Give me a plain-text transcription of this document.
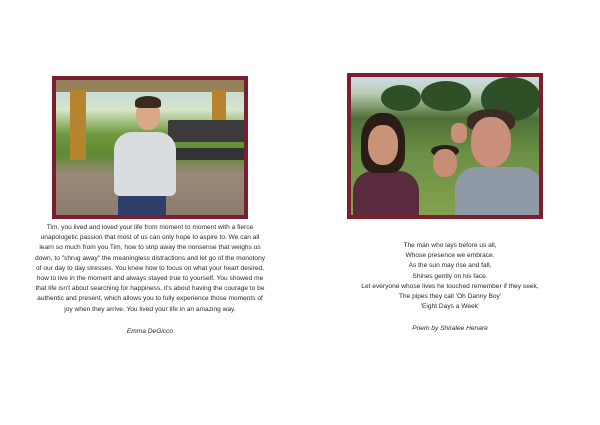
Tim, you lived and loved your life from moment to moment with a fierce
unapologetic passion that most of us can only hope to aspire to. We can all
learn so much from you Tim, how to strip away the nonsense that weighs us
down, to "shrug away" the meaningless distractions and let go of the monotony
of our day to day stresses. You knew how to focus on what your heart desired,
how to live in the moment and always stayed true to yourself. You showed me
that life isn't about searching for happiness, it's about having the courage to be
authentic and present, which allows you to fully experience those moments of
joy when they arrive. You lived your life in an amazing way.
Emma DeGicco
The man who lays before us all,
Whose presence we embrace.
As the sun may rise and fall,
Shines gently on his face.
Let everyone whose lives he touched remember if they seek,
The pipes they call 'Oh Danny Boy'
'Eight Days a Week'
Poem by Shiralee Henare
